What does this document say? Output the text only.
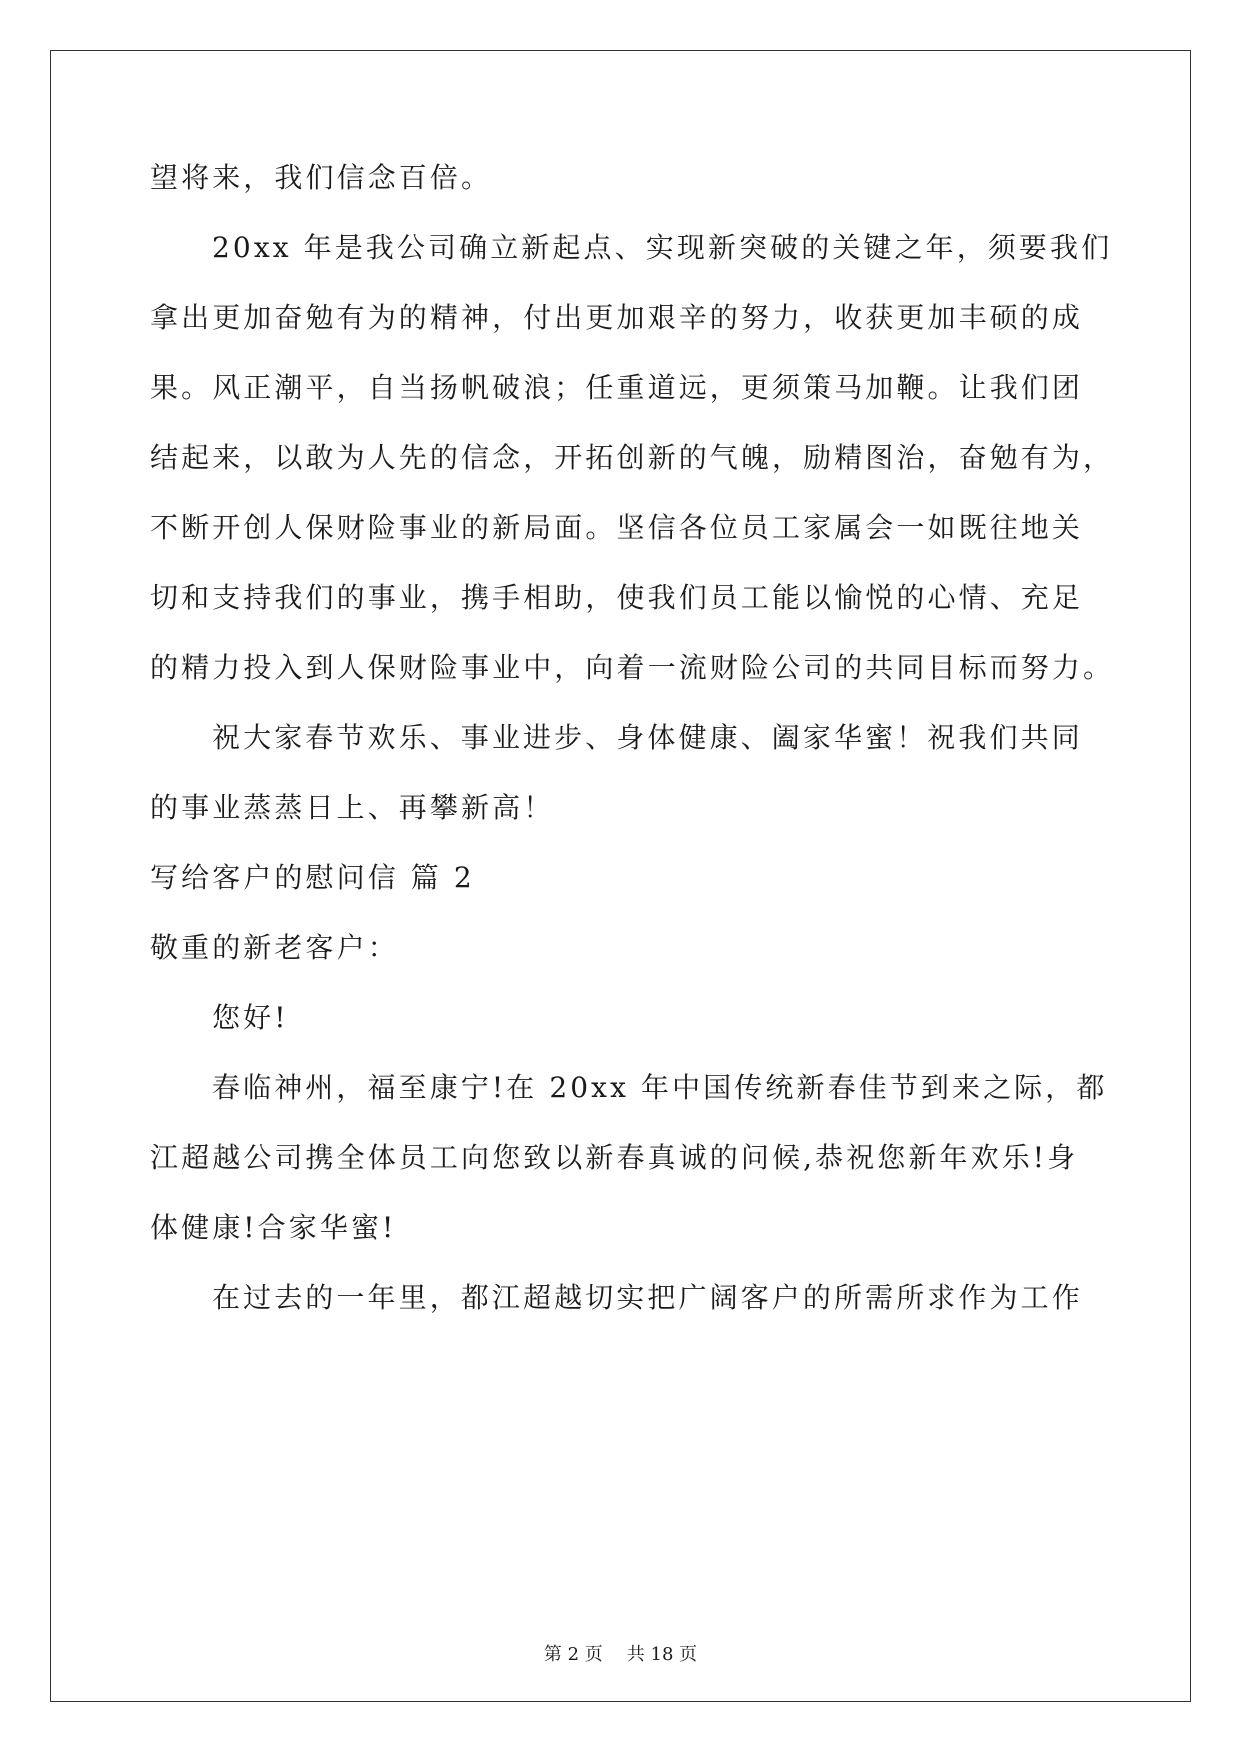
望将来，我们信念百倍。
20xx 年是我公司确立新起点、实现新突破的关键之年，须要我们
拿出更加奋勉有为的精神，付出更加艰辛的努力，收获更加丰硕的成
果。风正潮平，自当扬帆破浪；任重道远，更须策马加鞭。让我们团
结起来，以敢为人先的信念，开拓创新的气魄，励精图治，奋勉有为，
不断开创人保财险事业的新局面。坚信各位员工家属会一如既往地关
切和支持我们的事业，携手相助，使我们员工能以愉悦的心情、充足
的精力投入到人保财险事业中，向着一流财险公司的共同目标而努力。
祝大家春节欢乐、事业进步、身体健康、阖家华蜜！祝我们共同
的事业蒸蒸日上、再攀新高！
写给客户的慰问信 篇 2
敬重的新老客户：
您好!
春临神州，福至康宁!在 20xx 年中国传统新春佳节到来之际，都
江超越公司携全体员工向您致以新春真诚的问候,恭祝您新年欢乐!身
体健康!合家华蜜!
在过去的一年里，都江超越切实把广阔客户的所需所求作为工作
第 2 页 共 18 页
